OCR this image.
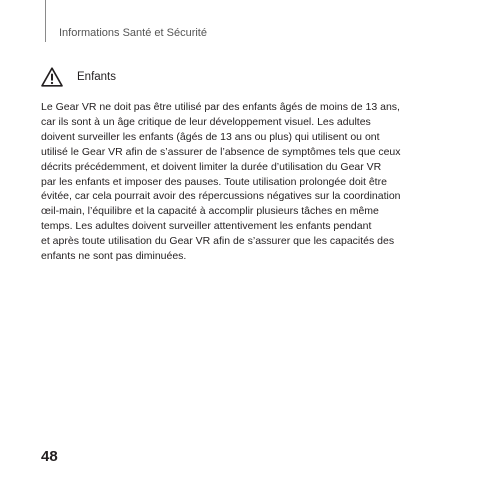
Informations Santé et Sécurité
Enfants
Le Gear VR ne doit pas être utilisé par des enfants âgés de moins de 13 ans,
car ils sont à un âge critique de leur développement visuel. Les adultes
doivent surveiller les enfants (âgés de 13 ans ou plus) qui utilisent ou ont
utilisé le Gear VR afin de s’assurer de l’absence de symptômes tels que ceux
décrits précédemment, et doivent limiter la durée d’utilisation du Gear VR
par les enfants et imposer des pauses. Toute utilisation prolongée doit être
évitée, car cela pourrait avoir des répercussions négatives sur la coordination
œil-main, l’équilibre et la capacité à accomplir plusieurs tâches en même
temps. Les adultes doivent surveiller attentivement les enfants pendant
et après toute utilisation du Gear VR afin de s’assurer que les capacités des
enfants ne sont pas diminuées.
48
